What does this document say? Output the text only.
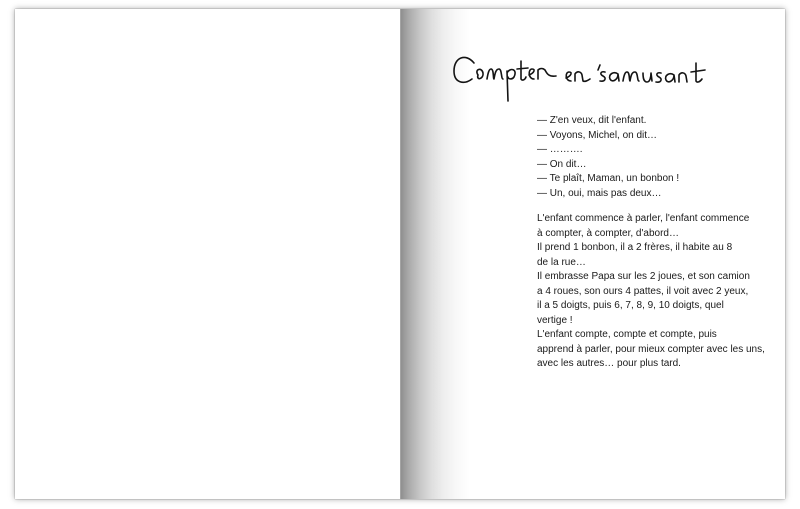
— Z'en veux, dit l'enfant.
— Voyons, Michel, on dit…
— ……….
— On dit…
— Te plaît, Maman, un bonbon !
— Un, oui, mais pas deux…
L'enfant commence à parler, l'enfant commence
à compter, à compter, d'abord…
Il prend 1 bonbon, il a 2 frères, il habite au 8
de la rue…
Il embrasse Papa sur les 2 joues, et son camion
a 4 roues, son ours 4 pattes, il voit avec 2 yeux,
il a 5 doigts, puis 6, 7, 8, 9, 10 doigts, quel
vertige !
L'enfant compte, compte et compte, puis
apprend à parler, pour mieux compter avec les uns,
avec les autres… pour plus tard.
